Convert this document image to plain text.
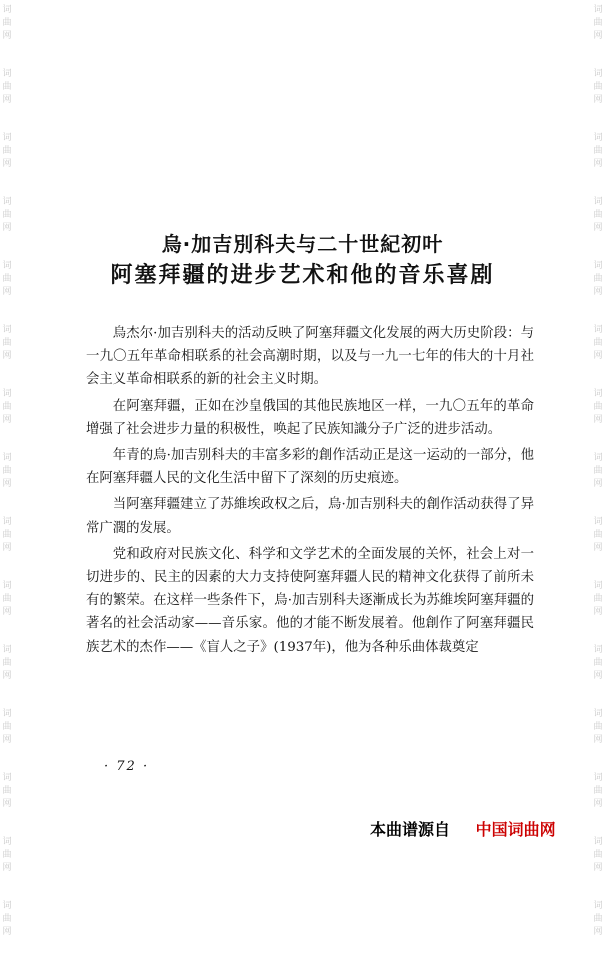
词
曲
网
词
曲
网
词
曲
网
词
曲
网
词
曲
网
词
曲
网
词
曲
网
词
曲
网
词
曲
网
词
曲
网
词
曲
网
词
曲
网
词
曲
网
词
曲
网
词
曲
网
词
曲
网
词
曲
网
词
曲
网
词
曲
网
词
曲
网
词
曲
网
词
曲
网
词
曲
网
词
曲
网
词
曲
网
词
曲
网
词
曲
网
词
曲
网
词
曲
网
词
曲
网
烏·加吉別科夫与二十世紀初叶
阿塞拜疆的进步艺术和他的音乐喜剧

烏杰尔·加吉别科夫的活动反映了阿塞拜疆文化发展的两大历史阶段：与一九〇五年革命相联系的社会高潮时期，以及与一九一七年的伟大的十月社会主义革命相联系的新的社会主义时期。

在阿塞拜疆，正如在沙皇俄国的其他民族地区一样，一九〇五年的革命增强了社会进步力量的积极性，唤起了民族知識分子广泛的进步活动。

年青的烏·加吉别科夫的丰富多彩的創作活动正是这一运动的一部分，他在阿塞拜疆人民的文化生活中留下了深刻的历史痕迹。

当阿塞拜疆建立了苏維埃政权之后，烏·加吉别科夫的創作活动获得了异常广濶的发展。

党和政府对民族文化、科学和文学艺术的全面发展的关怀，社会上对一切进步的、民主的因素的大力支持使阿塞拜疆人民的精神文化获得了前所未有的繁荣。在这样一些条件下，烏·加吉别科夫逐漸成长为苏維埃阿塞拜疆的著名的社会活动家——音乐家。他的才能不断发展着。他創作了阿塞拜疆民族艺术的杰作——《盲人之子》(1937年)，他为各种乐曲体裁奠定

· 72 ·
本曲谱源自 中国词曲网
